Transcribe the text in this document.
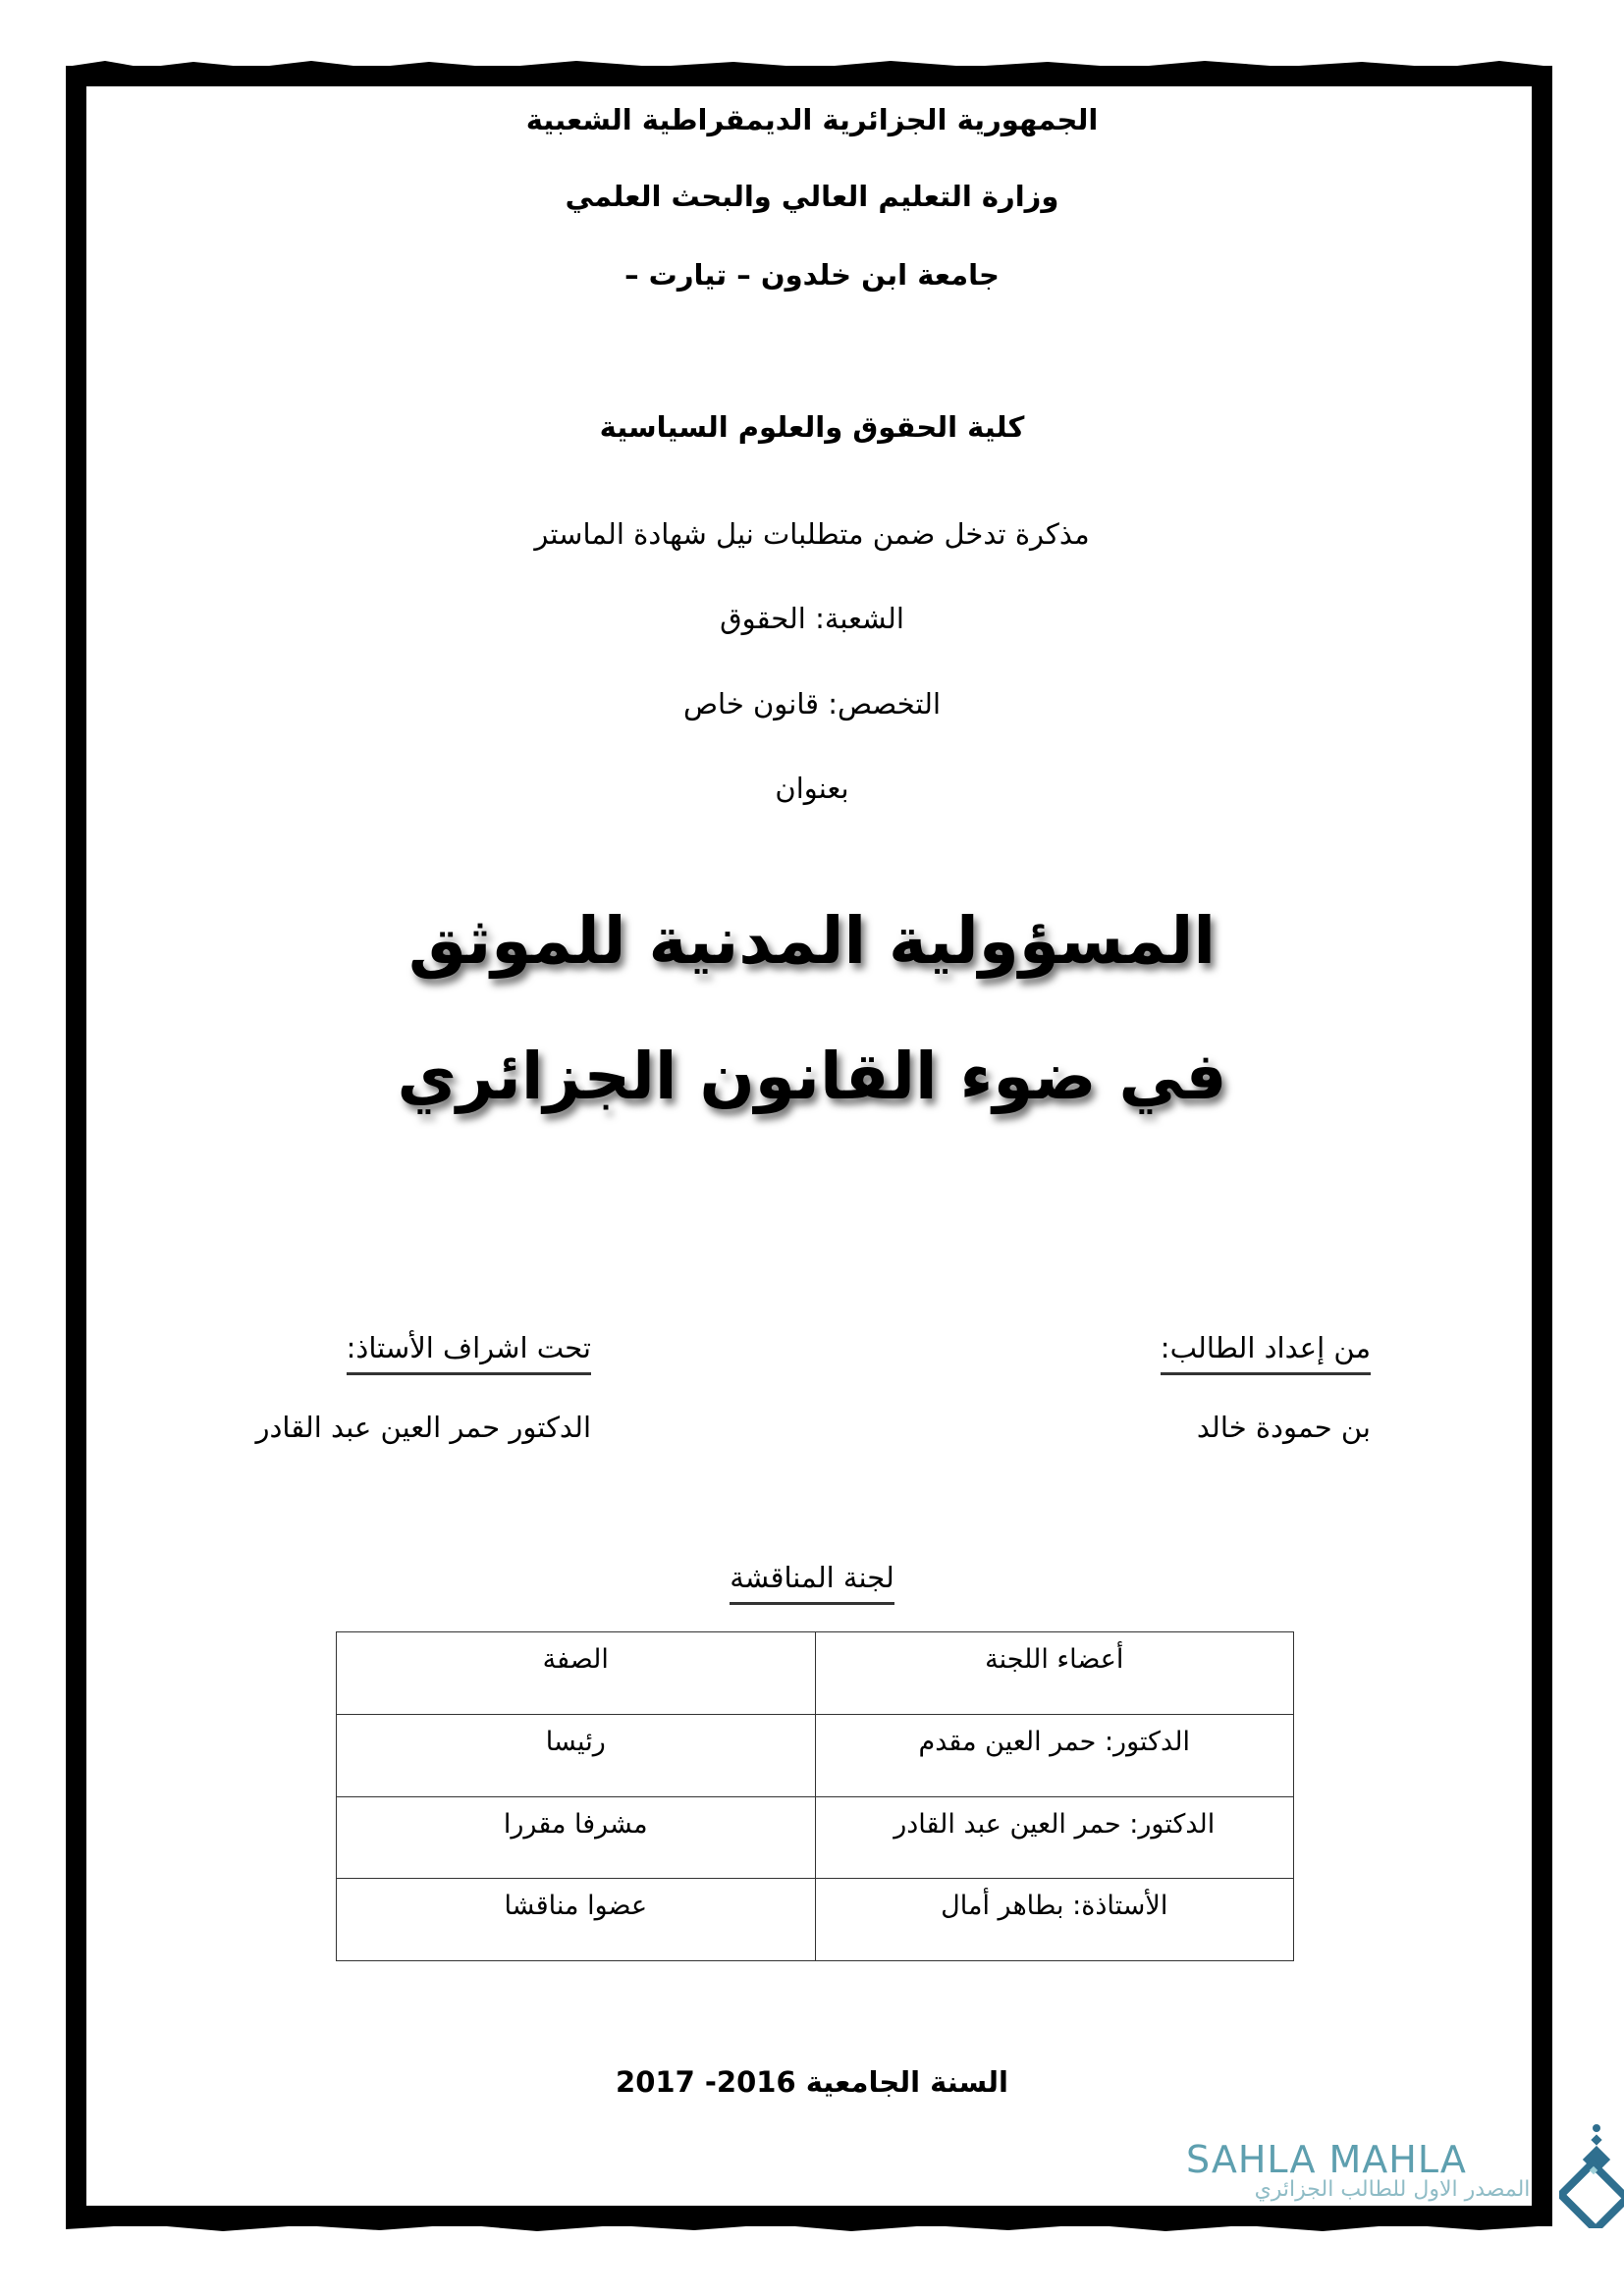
الجمهورية الجزائرية الديمقراطية الشعبية
وزارة التعليم العالي والبحث العلمي
جامعة ابن خلدون – تيارت –
كلية الحقوق والعلوم السياسية
مذكرة تدخل ضمن متطلبات نيل شهادة الماستر
الشعبة: الحقوق
التخصص: قانون خاص
بعنوان
المسؤولية المدنية للموثق
في ضوء القانون الجزائري
من إعداد الطالب:
بن حمودة خالد
تحت اشراف الأستاذ:
الدكتور حمر العين عبد القادر
لجنة المناقشة
أعضاء اللجنة	الصفة
الدكتور: حمر العين مقدم	رئيسا
الدكتور: حمر العين عبد القادر	مشرفا مقررا
الأستاذة: بطاهر أمال	عضوا مناقشا
السنة الجامعية 2016- 2017
SAHLA MAHLA
المصدر الاول للطالب الجزائري
